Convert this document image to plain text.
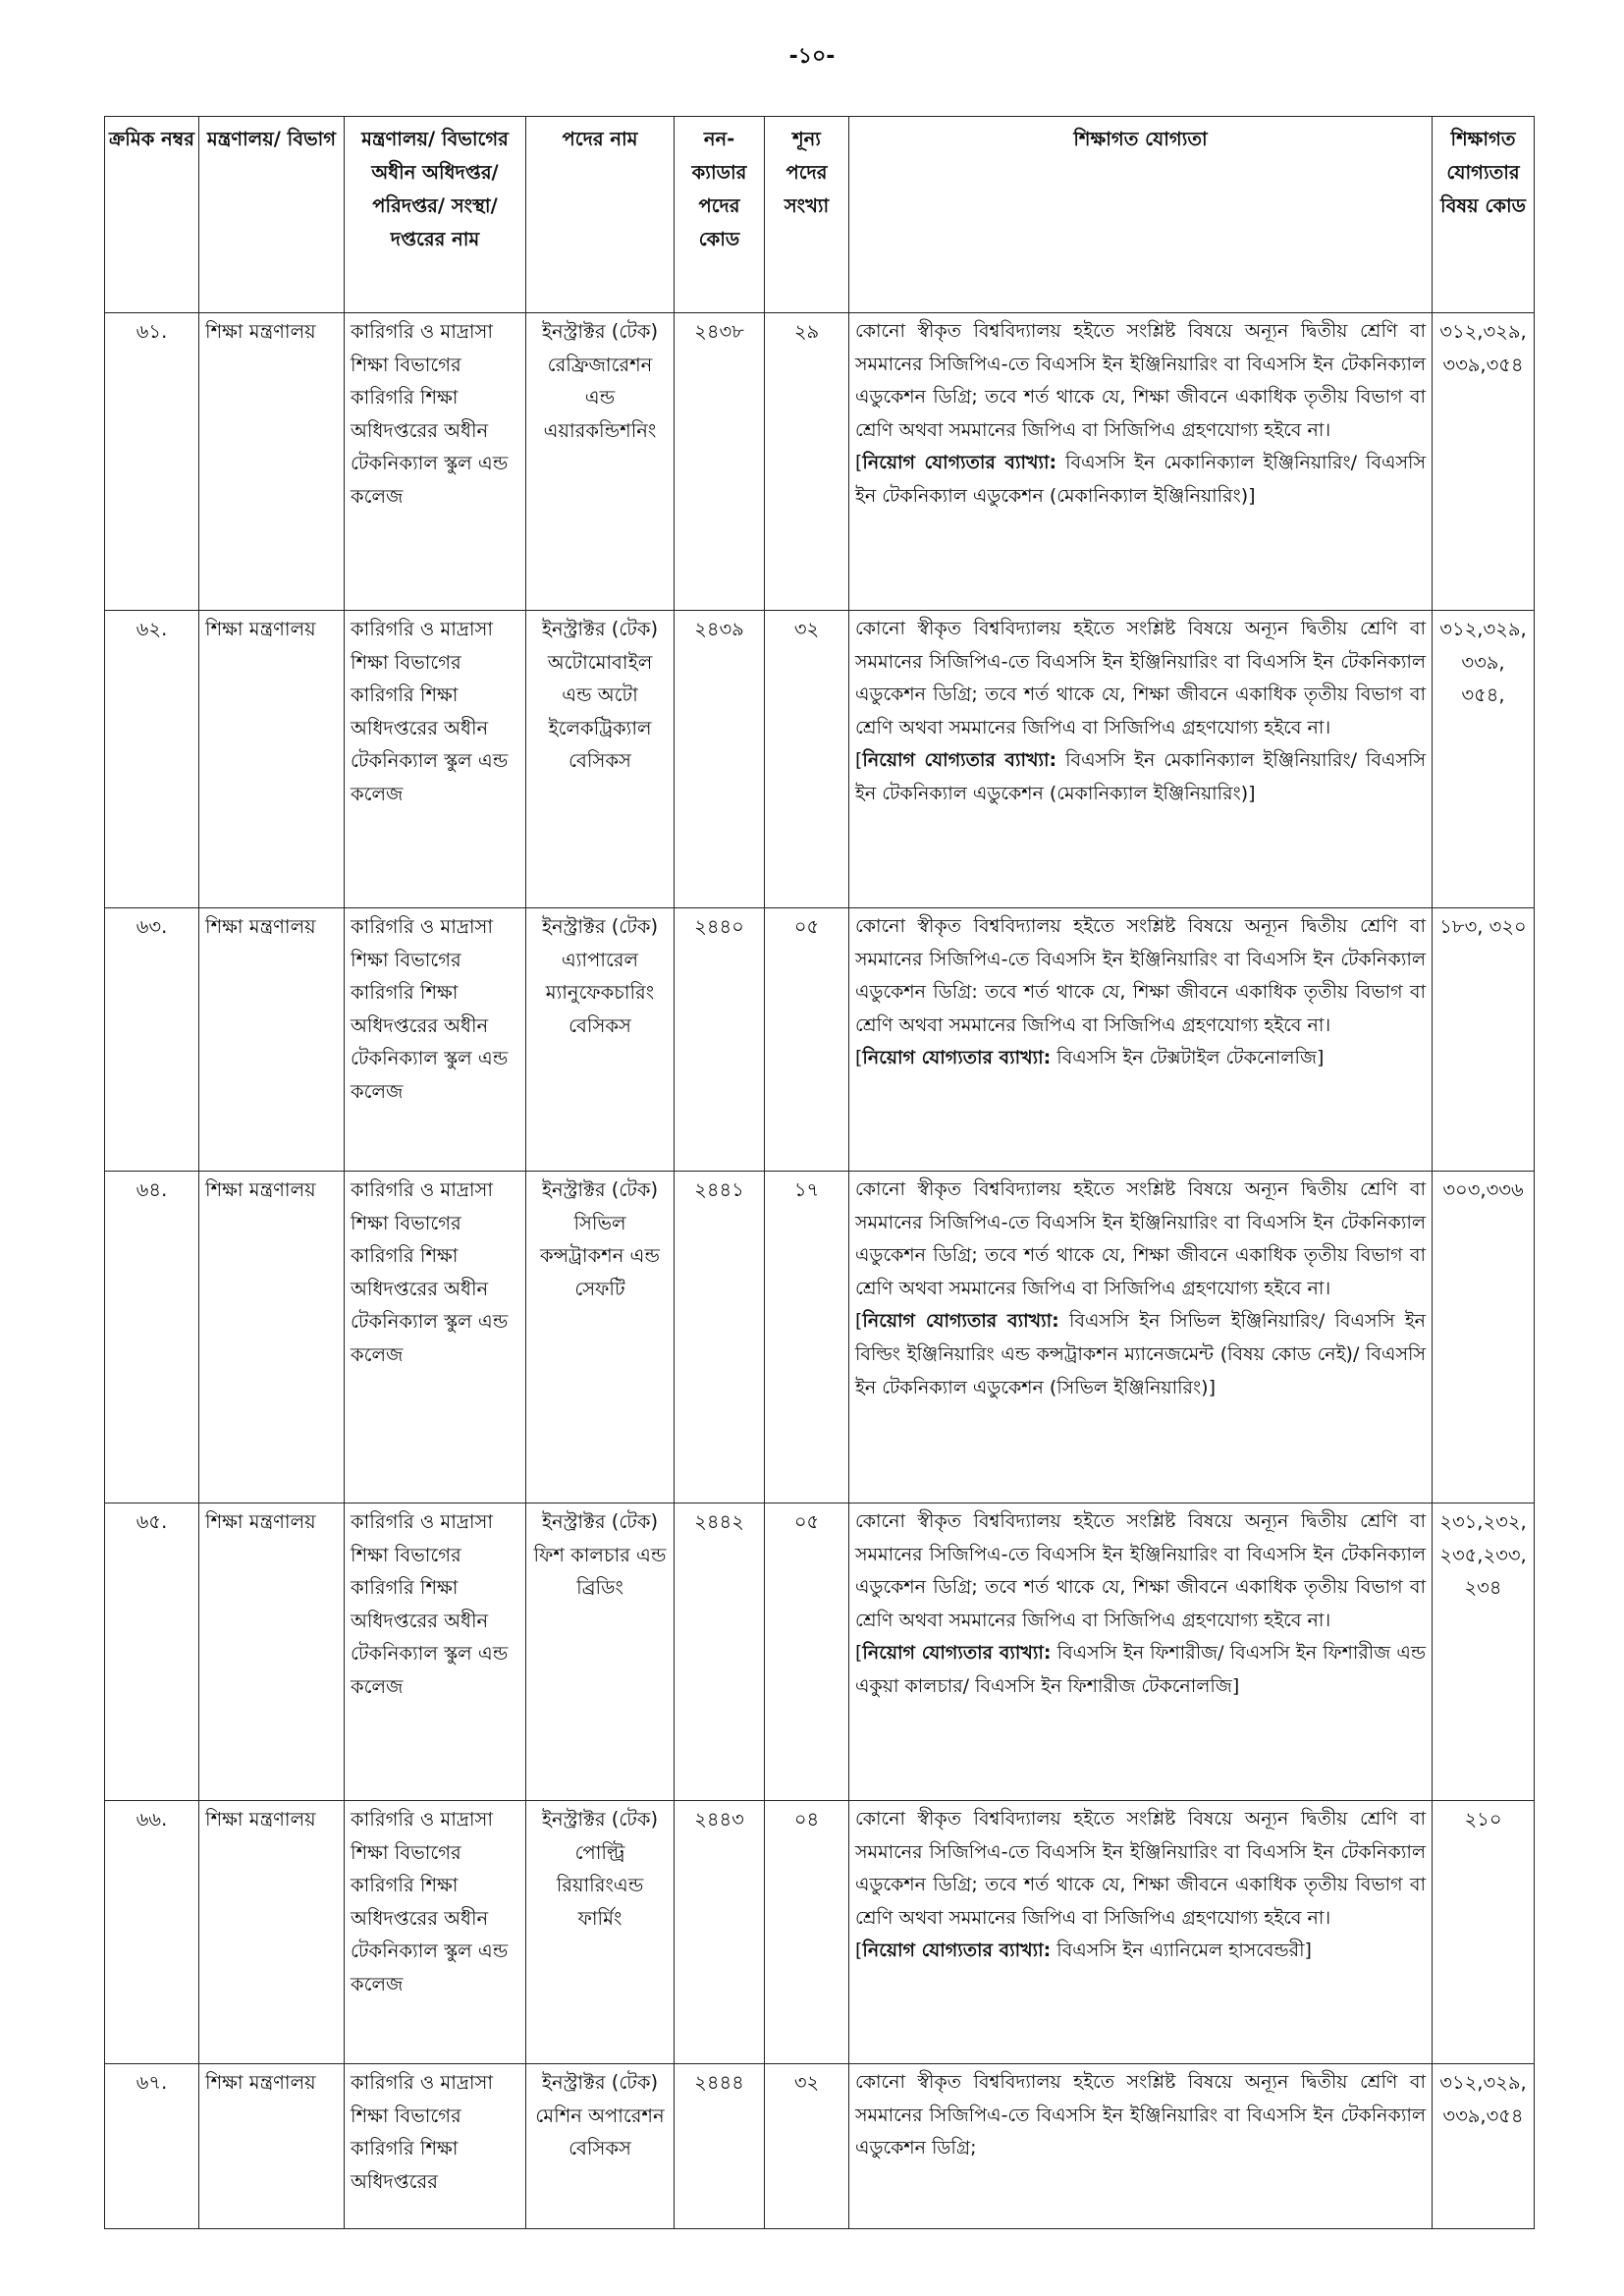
-১০-
ক্রমিক নম্বর	মন্ত্রণালয়/ বিভাগ	মন্ত্রণালয়/ বিভাগের অধীন অধিদপ্তর/ পরিদপ্তর/ সংস্থা/ দপ্তরের নাম	পদের নাম	নন-ক্যাডার পদের কোড	শূন্য পদের সংখ্যা	শিক্ষাগত যোগ্যতা	শিক্ষাগত যোগ্যতার বিষয় কোড
৬১.	শিক্ষা মন্ত্রণালয়	কারিগরি ও মাদ্রাসা শিক্ষা বিভাগের কারিগরি শিক্ষা অধিদপ্তরের অধীন টেকনিক্যাল স্কুল এন্ড কলেজ	ইনস্ট্রাক্টর (টেক) রেফ্রিজারেশন এন্ড এয়ারকন্ডিশনিং	২৪৩৮	২৯	কোনো স্বীকৃত বিশ্ববিদ্যালয় হইতে সংশ্লিষ্ট বিষয়ে অন্যূন দ্বিতীয় শ্রেণি বা সমমানের সিজিপিএ-তে বিএসসি ইন ইঞ্জিনিয়ারিং বা বিএসসি ইন টেকনিক্যাল এডুকেশন ডিগ্রি; তবে শর্ত থাকে যে, শিক্ষা জীবনে একাধিক তৃতীয় বিভাগ বা শ্রেণি অথবা সমমানের জিপিএ বা সিজিপিএ গ্রহণযোগ্য হইবে না।
[নিয়োগ যোগ্যতার ব্যাখ্যা: বিএসসি ইন মেকানিক্যাল ইঞ্জিনিয়ারিং/ বিএসসি ইন টেকনিক্যাল এডুকেশন (মেকানিক্যাল ইঞ্জিনিয়ারিং)]	৩১২,৩২৯, ৩৩৯,৩৫৪
৬২.	শিক্ষা মন্ত্রণালয়	কারিগরি ও মাদ্রাসা শিক্ষা বিভাগের কারিগরি শিক্ষা অধিদপ্তরের অধীন টেকনিক্যাল স্কুল এন্ড কলেজ	ইনস্ট্রাক্টর (টেক) অটোমোবাইল এন্ড অটো ইলেকট্রিক্যাল বেসিকস	২৪৩৯	৩২	কোনো স্বীকৃত বিশ্ববিদ্যালয় হইতে সংশ্লিষ্ট বিষয়ে অন্যূন দ্বিতীয় শ্রেণি বা সমমানের সিজিপিএ-তে বিএসসি ইন ইঞ্জিনিয়ারিং বা বিএসসি ইন টেকনিক্যাল এডুকেশন ডিগ্রি; তবে শর্ত থাকে যে, শিক্ষা জীবনে একাধিক তৃতীয় বিভাগ বা শ্রেণি অথবা সমমানের জিপিএ বা সিজিপিএ গ্রহণযোগ্য হইবে না।
[নিয়োগ যোগ্যতার ব্যাখ্যা: বিএসসি ইন মেকানিক্যাল ইঞ্জিনিয়ারিং/ বিএসসি ইন টেকনিক্যাল এডুকেশন (মেকানিক্যাল ইঞ্জিনিয়ারিং)]	৩১২,৩২৯, ৩৩৯, ৩৫৪,
৬৩.	শিক্ষা মন্ত্রণালয়	কারিগরি ও মাদ্রাসা শিক্ষা বিভাগের কারিগরি শিক্ষা অধিদপ্তরের অধীন টেকনিক্যাল স্কুল এন্ড কলেজ	ইনস্ট্রাক্টর (টেক) এ্যাপারেল ম্যানুফেকচারিং বেসিকস	২৪৪০	০৫	কোনো স্বীকৃত বিশ্ববিদ্যালয় হইতে সংশ্লিষ্ট বিষয়ে অন্যূন দ্বিতীয় শ্রেণি বা সমমানের সিজিপিএ-তে বিএসসি ইন ইঞ্জিনিয়ারিং বা বিএসসি ইন টেকনিক্যাল এডুকেশন ডিগ্রি: তবে শর্ত থাকে যে, শিক্ষা জীবনে একাধিক তৃতীয় বিভাগ বা শ্রেণি অথবা সমমানের জিপিএ বা সিজিপিএ গ্রহণযোগ্য হইবে না।
[নিয়োগ যোগ্যতার ব্যাখ্যা: বিএসসি ইন টেক্সটাইল টেকনোলজি]	১৮৩, ৩২০
৬৪.	শিক্ষা মন্ত্রণালয়	কারিগরি ও মাদ্রাসা শিক্ষা বিভাগের কারিগরি শিক্ষা অধিদপ্তরের অধীন টেকনিক্যাল স্কুল এন্ড কলেজ	ইনস্ট্রাক্টর (টেক) সিভিল কন্সট্রাকশন এন্ড সেফটি	২৪৪১	১৭	কোনো স্বীকৃত বিশ্ববিদ্যালয় হইতে সংশ্লিষ্ট বিষয়ে অন্যূন দ্বিতীয় শ্রেণি বা সমমানের সিজিপিএ-তে বিএসসি ইন ইঞ্জিনিয়ারিং বা বিএসসি ইন টেকনিক্যাল এডুকেশন ডিগ্রি; তবে শর্ত থাকে যে, শিক্ষা জীবনে একাধিক তৃতীয় বিভাগ বা শ্রেণি অথবা সমমানের জিপিএ বা সিজিপিএ গ্রহণযোগ্য হইবে না।
[নিয়োগ যোগ্যতার ব্যাখ্যা: বিএসসি ইন সিভিল ইঞ্জিনিয়ারিং/ বিএসসি ইন বিল্ডিং ইঞ্জিনিয়ারিং এন্ড কন্সট্রাকশন ম্যানেজমেন্ট (বিষয় কোড নেই)/ বিএসসি ইন টেকনিক্যাল এডুকেশন (সিভিল ইঞ্জিনিয়ারিং)]	৩০৩,৩৩৬
৬৫.	শিক্ষা মন্ত্রণালয়	কারিগরি ও মাদ্রাসা শিক্ষা বিভাগের কারিগরি শিক্ষা অধিদপ্তরের অধীন টেকনিক্যাল স্কুল এন্ড কলেজ	ইনস্ট্রাক্টর (টেক) ফিশ কালচার এন্ড ব্রিডিং	২৪৪২	০৫	কোনো স্বীকৃত বিশ্ববিদ্যালয় হইতে সংশ্লিষ্ট বিষয়ে অন্যূন দ্বিতীয় শ্রেণি বা সমমানের সিজিপিএ-তে বিএসসি ইন ইঞ্জিনিয়ারিং বা বিএসসি ইন টেকনিক্যাল এডুকেশন ডিগ্রি; তবে শর্ত থাকে যে, শিক্ষা জীবনে একাধিক তৃতীয় বিভাগ বা শ্রেণি অথবা সমমানের জিপিএ বা সিজিপিএ গ্রহণযোগ্য হইবে না।
[নিয়োগ যোগ্যতার ব্যাখ্যা: বিএসসি ইন ফিশারীজ/ বিএসসি ইন ফিশারীজ এন্ড একুয়া কালচার/ বিএসসি ইন ফিশারীজ টেকনোলজি]	২৩১,২৩২, ২৩৫,২৩৩, ২৩৪
৬৬.	শিক্ষা মন্ত্রণালয়	কারিগরি ও মাদ্রাসা শিক্ষা বিভাগের কারিগরি শিক্ষা অধিদপ্তরের অধীন টেকনিক্যাল স্কুল এন্ড কলেজ	ইনস্ট্রাক্টর (টেক) পোল্ট্রি রিয়ারিংএন্ড ফার্মিং	২৪৪৩	০৪	কোনো স্বীকৃত বিশ্ববিদ্যালয় হইতে সংশ্লিষ্ট বিষয়ে অন্যূন দ্বিতীয় শ্রেণি বা সমমানের সিজিপিএ-তে বিএসসি ইন ইঞ্জিনিয়ারিং বা বিএসসি ইন টেকনিক্যাল এডুকেশন ডিগ্রি; তবে শর্ত থাকে যে, শিক্ষা জীবনে একাধিক তৃতীয় বিভাগ বা শ্রেণি অথবা সমমানের জিপিএ বা সিজিপিএ গ্রহণযোগ্য হইবে না।
[নিয়োগ যোগ্যতার ব্যাখ্যা: বিএসসি ইন এ্যানিমেল হাসবেন্ডরী]	২১০
৬৭.	শিক্ষা মন্ত্রণালয়	কারিগরি ও মাদ্রাসা শিক্ষা বিভাগের কারিগরি শিক্ষা অধিদপ্তরের	ইনস্ট্রাক্টর (টেক) মেশিন অপারেশন বেসিকস	২৪৪৪	৩২	কোনো স্বীকৃত বিশ্ববিদ্যালয় হইতে সংশ্লিষ্ট বিষয়ে অন্যূন দ্বিতীয় শ্রেণি বা সমমানের সিজিপিএ-তে বিএসসি ইন ইঞ্জিনিয়ারিং বা বিএসসি ইন টেকনিক্যাল এডুকেশন ডিগ্রি;	৩১২,৩২৯, ৩৩৯,৩৫৪
